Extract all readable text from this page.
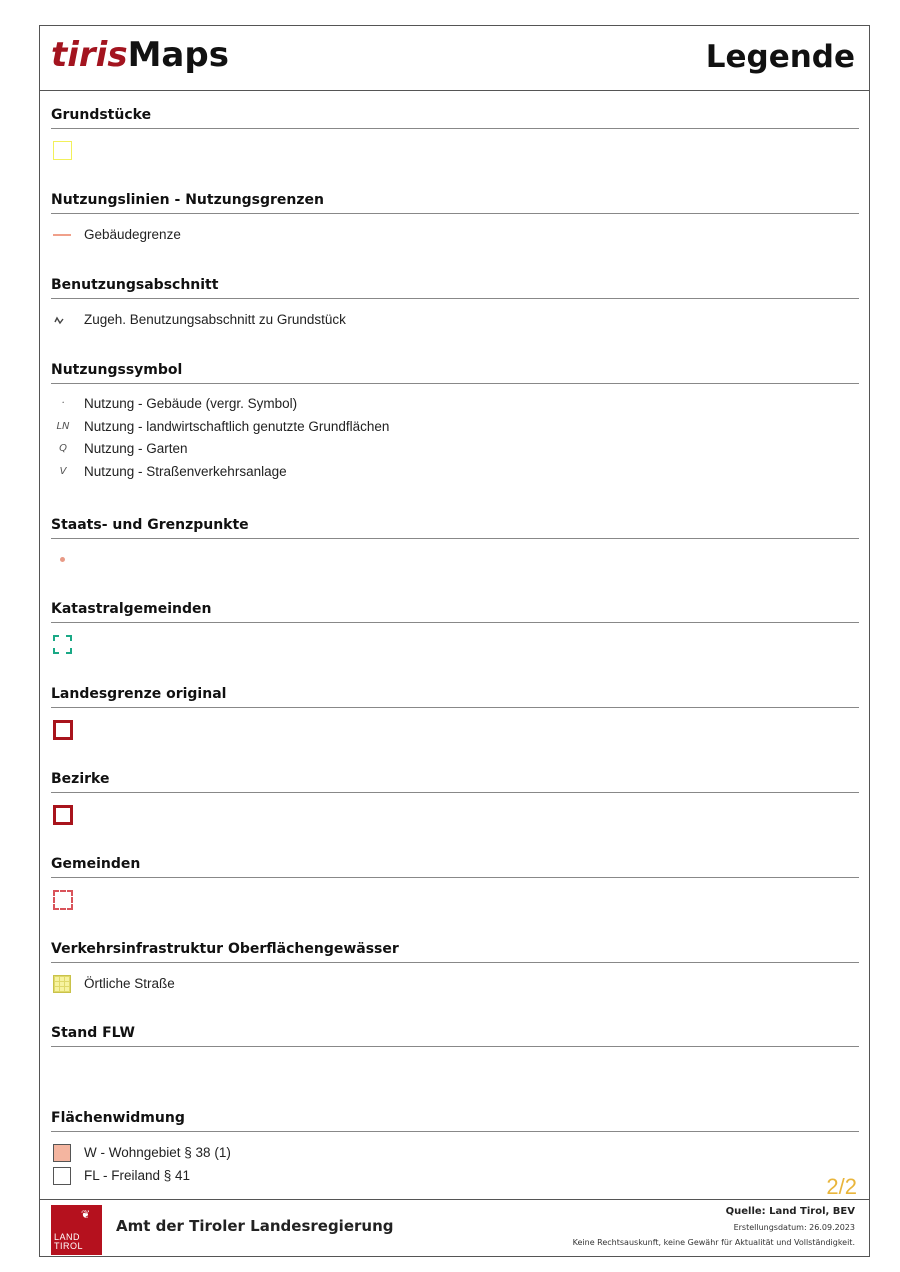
tirisMaps	Legende
Grundstücke
Nutzungslinien - Nutzungsgrenzen
Gebäudegrenze
Benutzungsabschnitt
Zugeh. Benutzungsabschnitt zu Grundstück
Nutzungssymbol
·	Nutzung - Gebäude (vergr. Symbol)
LN	Nutzung - landwirtschaftlich genutzte Grundflächen
Q	Nutzung - Garten
V	Nutzung - Straßenverkehrsanlage
Staats- und Grenzpunkte
Katastralgemeinden
Landesgrenze original
Bezirke
Gemeinden
Verkehrsinfrastruktur Oberflächengewässer
Örtliche Straße
Stand FLW
Flächenwidmung
W - Wohngebiet § 38 (1)
FL - Freiland § 41	2/2
❦
LAND
TIROL
Amt der Tiroler Landesregierung
Quelle: Land Tirol, BEV
Erstellungsdatum: 26.09.2023
Keine Rechtsauskunft, keine Gewähr für Aktualität und Vollständigkeit.
